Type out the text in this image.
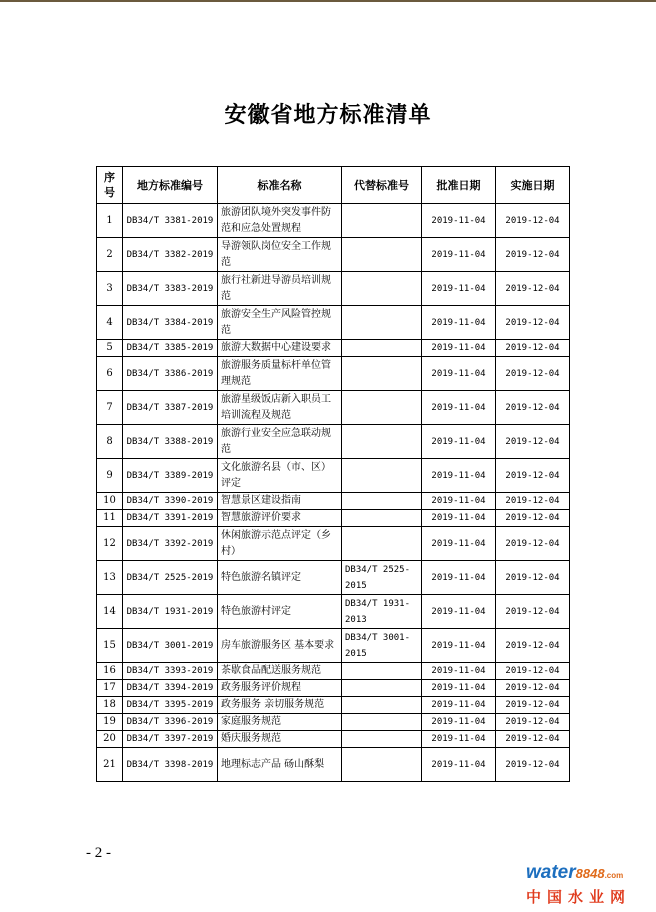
安徽省地方标准清单
序号	地方标准编号	标准名称	代替标准号	批准日期	实施日期
1	DB34/T 3381-2019	旅游团队境外突发事件防范和应急处置规程		2019-11-04	2019-12-04
2	DB34/T 3382-2019	导游领队岗位安全工作规范		2019-11-04	2019-12-04
3	DB34/T 3383-2019	旅行社新进导游员培训规范		2019-11-04	2019-12-04
4	DB34/T 3384-2019	旅游安全生产风险管控规范		2019-11-04	2019-12-04
5	DB34/T 3385-2019	旅游大数据中心建设要求		2019-11-04	2019-12-04
6	DB34/T 3386-2019	旅游服务质量标杆单位管理规范		2019-11-04	2019-12-04
7	DB34/T 3387-2019	旅游星级饭店新入职员工培训流程及规范		2019-11-04	2019-12-04
8	DB34/T 3388-2019	旅游行业安全应急联动规范		2019-11-04	2019-12-04
9	DB34/T 3389-2019	文化旅游名县（市、区）评定		2019-11-04	2019-12-04
10	DB34/T 3390-2019	智慧景区建设指南		2019-11-04	2019-12-04
11	DB34/T 3391-2019	智慧旅游评价要求		2019-11-04	2019-12-04
12	DB34/T 3392-2019	休闲旅游示范点评定（乡村）		2019-11-04	2019-12-04
13	DB34/T 2525-2019	特色旅游名镇评定	DB34/T 2525-2015	2019-11-04	2019-12-04
14	DB34/T 1931-2019	特色旅游村评定	DB34/T 1931-2013	2019-11-04	2019-12-04
15	DB34/T 3001-2019	房车旅游服务区 基本要求	DB34/T 3001-2015	2019-11-04	2019-12-04
16	DB34/T 3393-2019	茶歇食品配送服务规范		2019-11-04	2019-12-04
17	DB34/T 3394-2019	政务服务评价规程		2019-11-04	2019-12-04
18	DB34/T 3395-2019	政务服务 亲切服务规范		2019-11-04	2019-12-04
19	DB34/T 3396-2019	家庭服务规范		2019-11-04	2019-12-04
20	DB34/T 3397-2019	婚庆服务规范		2019-11-04	2019-12-04
21	DB34/T 3398-2019	地理标志产品 砀山酥梨		2019-11-04	2019-12-04
- 2 -
water8848.com
中国水业网
